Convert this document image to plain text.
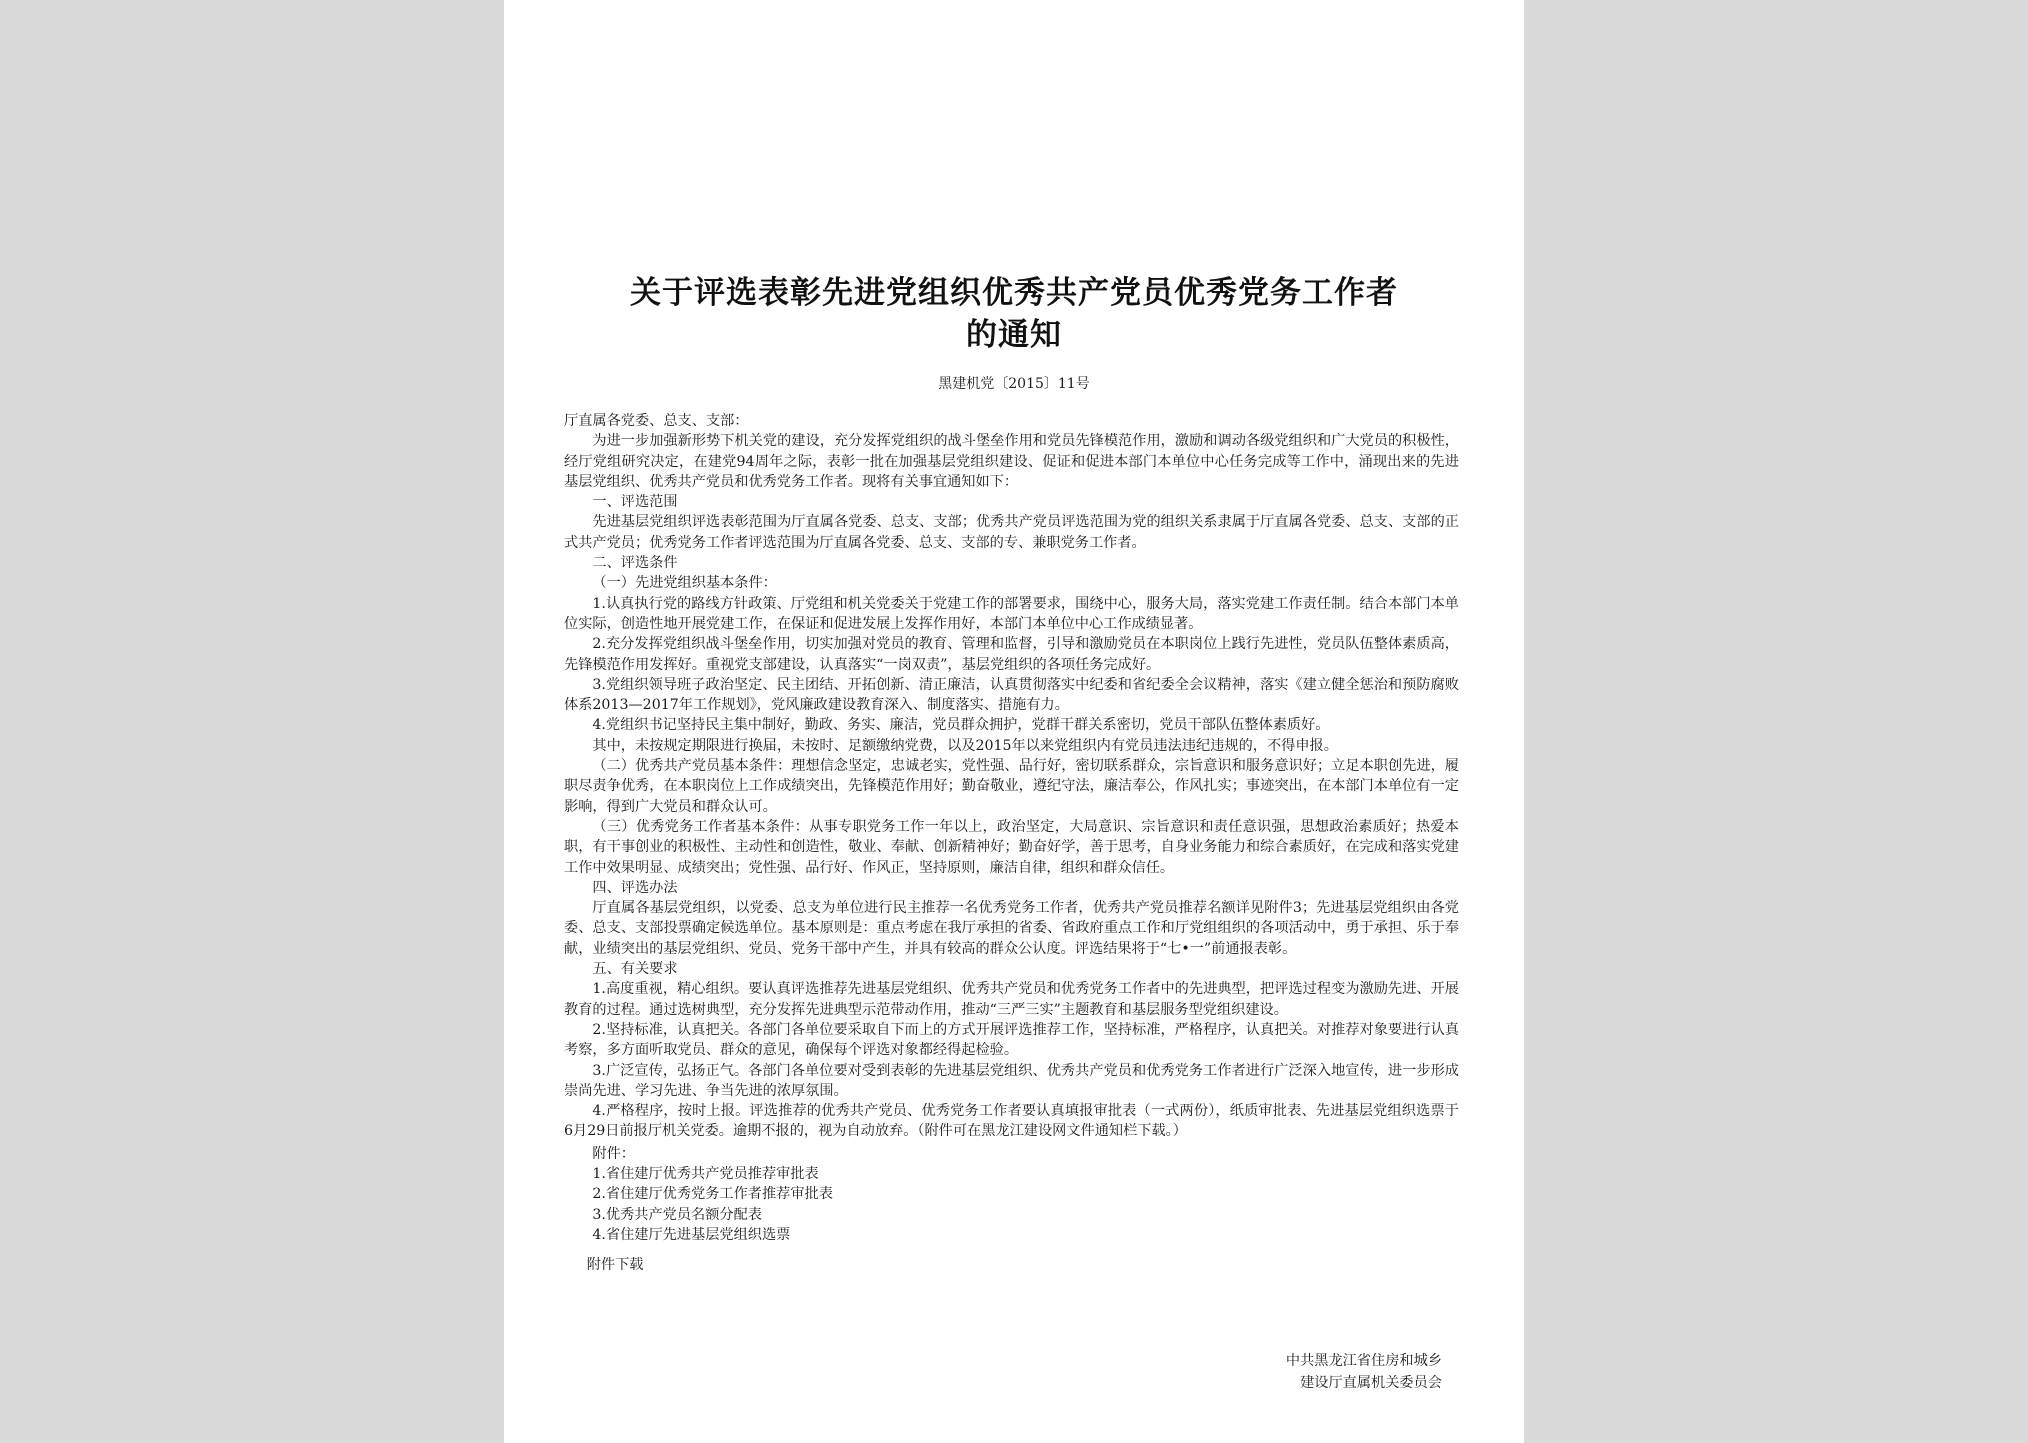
关于评选表彰先进党组织优秀共产党员优秀党务工作者
的通知
黑建机党〔2015〕11号

厅直属各党委、总支、支部：

为进一步加强新形势下机关党的建设，充分发挥党组织的战斗堡垒作用和党员先锋模范作用，激励和调动各级党组织和广大党员的积极性，经厅党组研究决定，在建党94周年之际，表彰一批在加强基层党组织建设、促证和促进本部门本单位中心任务完成等工作中，涌现出来的先进基层党组织、优秀共产党员和优秀党务工作者。现将有关事宜通知如下：

一、评选范围

先进基层党组织评选表彰范围为厅直属各党委、总支、支部；优秀共产党员评选范围为党的组织关系隶属于厅直属各党委、总支、支部的正式共产党员；优秀党务工作者评选范围为厅直属各党委、总支、支部的专、兼职党务工作者。

二、评选条件

（一）先进党组织基本条件：

1.认真执行党的路线方针政策、厅党组和机关党委关于党建工作的部署要求，围绕中心，服务大局，落实党建工作责任制。结合本部门本单位实际，创造性地开展党建工作，在保证和促进发展上发挥作用好，本部门本单位中心工作成绩显著。

2.充分发挥党组织战斗堡垒作用，切实加强对党员的教育、管理和监督，引导和激励党员在本职岗位上践行先进性，党员队伍整体素质高，先锋模范作用发挥好。重视党支部建设，认真落实“一岗双责”，基层党组织的各项任务完成好。

3.党组织领导班子政治坚定、民主团结、开拓创新、清正廉洁，认真贯彻落实中纪委和省纪委全会议精神，落实《建立健全惩治和预防腐败体系2013—2017年工作规划》，党风廉政建设教育深入、制度落实、措施有力。

4.党组织书记坚持民主集中制好，勤政、务实、廉洁，党员群众拥护，党群干群关系密切，党员干部队伍整体素质好。

其中，未按规定期限进行换届，未按时、足额缴纳党费，以及2015年以来党组织内有党员违法违纪违规的，不得申报。

（二）优秀共产党员基本条件：理想信念坚定，忠诚老实，党性强、品行好，密切联系群众，宗旨意识和服务意识好；立足本职创先进，履职尽责争优秀，在本职岗位上工作成绩突出，先锋模范作用好；勤奋敬业，遵纪守法，廉洁奉公，作风扎实；事迹突出，在本部门本单位有一定影响，得到广大党员和群众认可。

（三）优秀党务工作者基本条件：从事专职党务工作一年以上，政治坚定，大局意识、宗旨意识和责任意识强，思想政治素质好；热爱本职，有干事创业的积极性、主动性和创造性，敬业、奉献、创新精神好；勤奋好学，善于思考，自身业务能力和综合素质好，在完成和落实党建工作中效果明显、成绩突出；党性强、品行好、作风正，坚持原则，廉洁自律，组织和群众信任。

四、评选办法

厅直属各基层党组织，以党委、总支为单位进行民主推荐一名优秀党务工作者，优秀共产党员推荐名额详见附件3；先进基层党组织由各党委、总支、支部投票确定候选单位。基本原则是：重点考虑在我厅承担的省委、省政府重点工作和厅党组组织的各项活动中，勇于承担、乐于奉献，业绩突出的基层党组织、党员、党务干部中产生，并具有较高的群众公认度。评选结果将于“七•一”前通报表彰。

五、有关要求

1.高度重视，精心组织。要认真评选推荐先进基层党组织、优秀共产党员和优秀党务工作者中的先进典型，把评选过程变为激励先进、开展教育的过程。通过选树典型，充分发挥先进典型示范带动作用，推动“三严三实”主题教育和基层服务型党组织建设。

2.坚持标准，认真把关。各部门各单位要采取自下而上的方式开展评选推荐工作，坚持标准，严格程序，认真把关。对推荐对象要进行认真考察，多方面听取党员、群众的意见，确保每个评选对象都经得起检验。

3.广泛宣传，弘扬正气。各部门各单位要对受到表彰的先进基层党组织、优秀共产党员和优秀党务工作者进行广泛深入地宣传，进一步形成崇尚先进、学习先进、争当先进的浓厚氛围。

4.严格程序，按时上报。评选推荐的优秀共产党员、优秀党务工作者要认真填报审批表（一式两份），纸质审批表、先进基层党组织选票于6月29日前报厅机关党委。逾期不报的，视为自动放弃。（附件可在黑龙江建设网文件通知栏下载。）

附件：
1.省住建厅优秀共产党员推荐审批表
2.省住建厅优秀党务工作者推荐审批表
3.优秀共产党员名额分配表
4.省住建厅先进基层党组织选票
附件下载
中共黑龙江省住房和城乡
建设厅直属机关委员会
